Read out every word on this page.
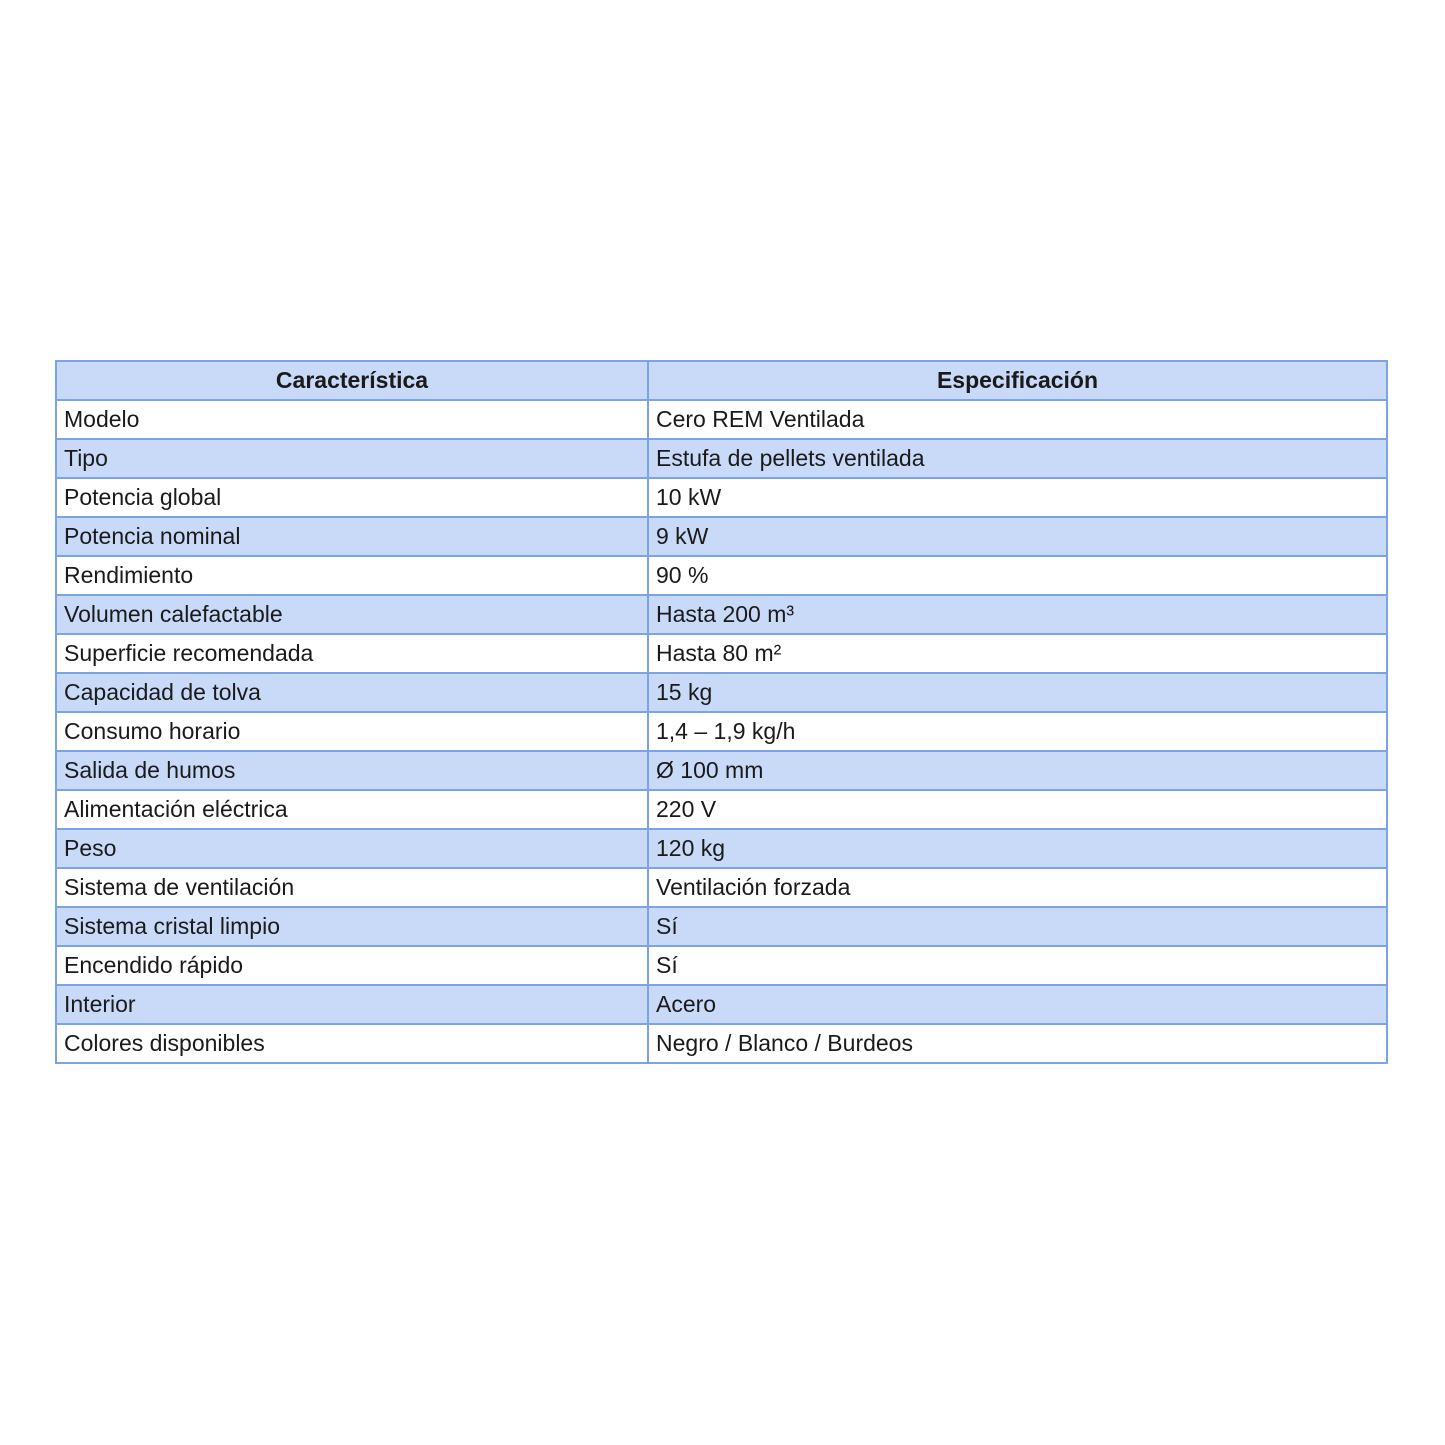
Característica	Especificación
Modelo	Cero REM Ventilada
Tipo	Estufa de pellets ventilada
Potencia global	10 kW
Potencia nominal	9 kW
Rendimiento	90 %
Volumen calefactable	Hasta 200 m³
Superficie recomendada	Hasta 80 m²
Capacidad de tolva	15 kg
Consumo horario	1,4 – 1,9 kg/h
Salida de humos	Ø 100 mm
Alimentación eléctrica	220 V
Peso	120 kg
Sistema de ventilación	Ventilación forzada
Sistema cristal limpio	Sí
Encendido rápido	Sí
Interior	Acero
Colores disponibles	Negro / Blanco / Burdeos
